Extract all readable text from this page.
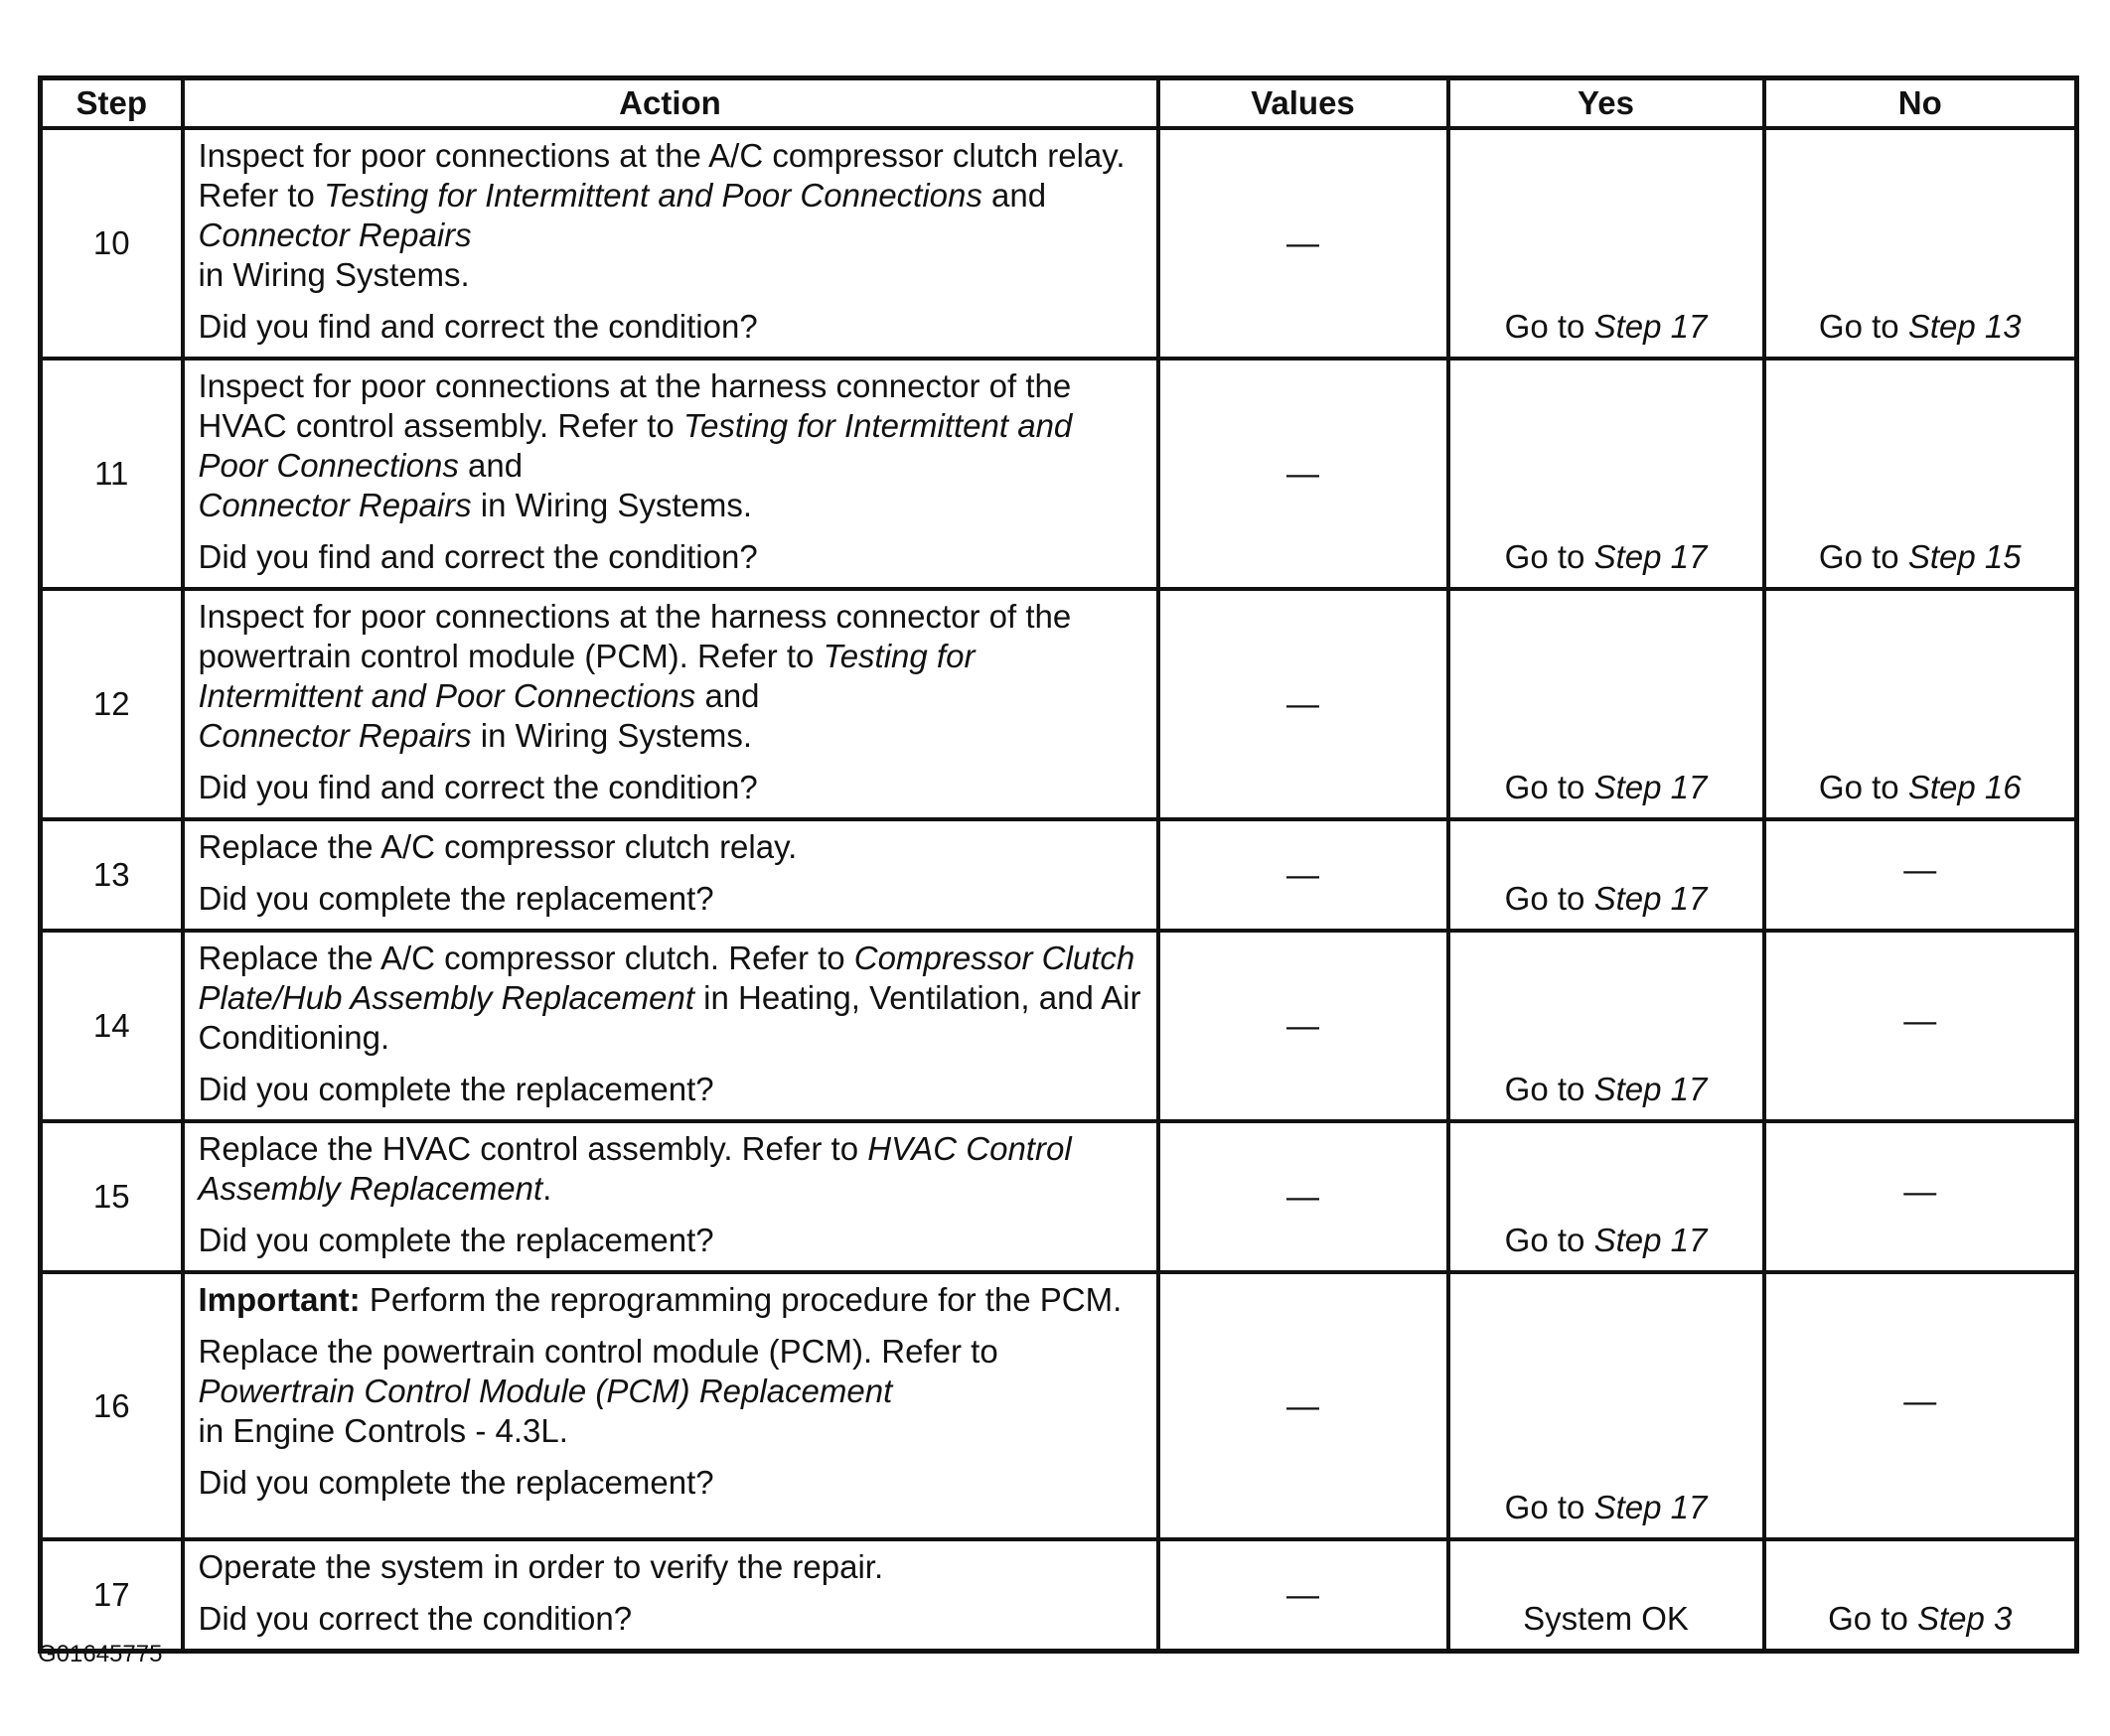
Step	Action	Values	Yes	No
10	Inspect for poor connections at the A/C compressor clutch relay. Refer to Testing for Intermittent and Poor Connections and Connector Repairs
in Wiring Systems.

Did you find and correct the condition?	—	Go to Step 17	Go to Step 13
11	Inspect for poor connections at the harness connector of the HVAC control assembly. Refer to Testing for Intermittent and Poor Connections and
Connector Repairs in Wiring Systems.

Did you find and correct the condition?	—	Go to Step 17	Go to Step 15
12	Inspect for poor connections at the harness connector of the powertrain control module (PCM). Refer to Testing for Intermittent and Poor Connections and
Connector Repairs in Wiring Systems.

Did you find and correct the condition?	—	Go to Step 17	Go to Step 16
13	Replace the A/C compressor clutch relay.

Did you complete the replacement?	—	Go to Step 17	—
14	Replace the A/C compressor clutch. Refer to Compressor Clutch Plate/Hub Assembly Replacement in Heating, Ventilation, and Air Conditioning.

Did you complete the replacement?	—	Go to Step 17	—
15	Replace the HVAC control assembly. Refer to HVAC Control Assembly Replacement.

Did you complete the replacement?	—	Go to Step 17	—
16	Important: Perform the reprogramming procedure for the PCM.

Replace the powertrain control module (PCM). Refer to Powertrain Control Module (PCM) Replacement
in Engine Controls - 4.3L.

Did you complete the replacement?	—	Go to Step 17	—
17	Operate the system in order to verify the repair.

Did you correct the condition?	—	System OK	Go to Step 3
G01645775
